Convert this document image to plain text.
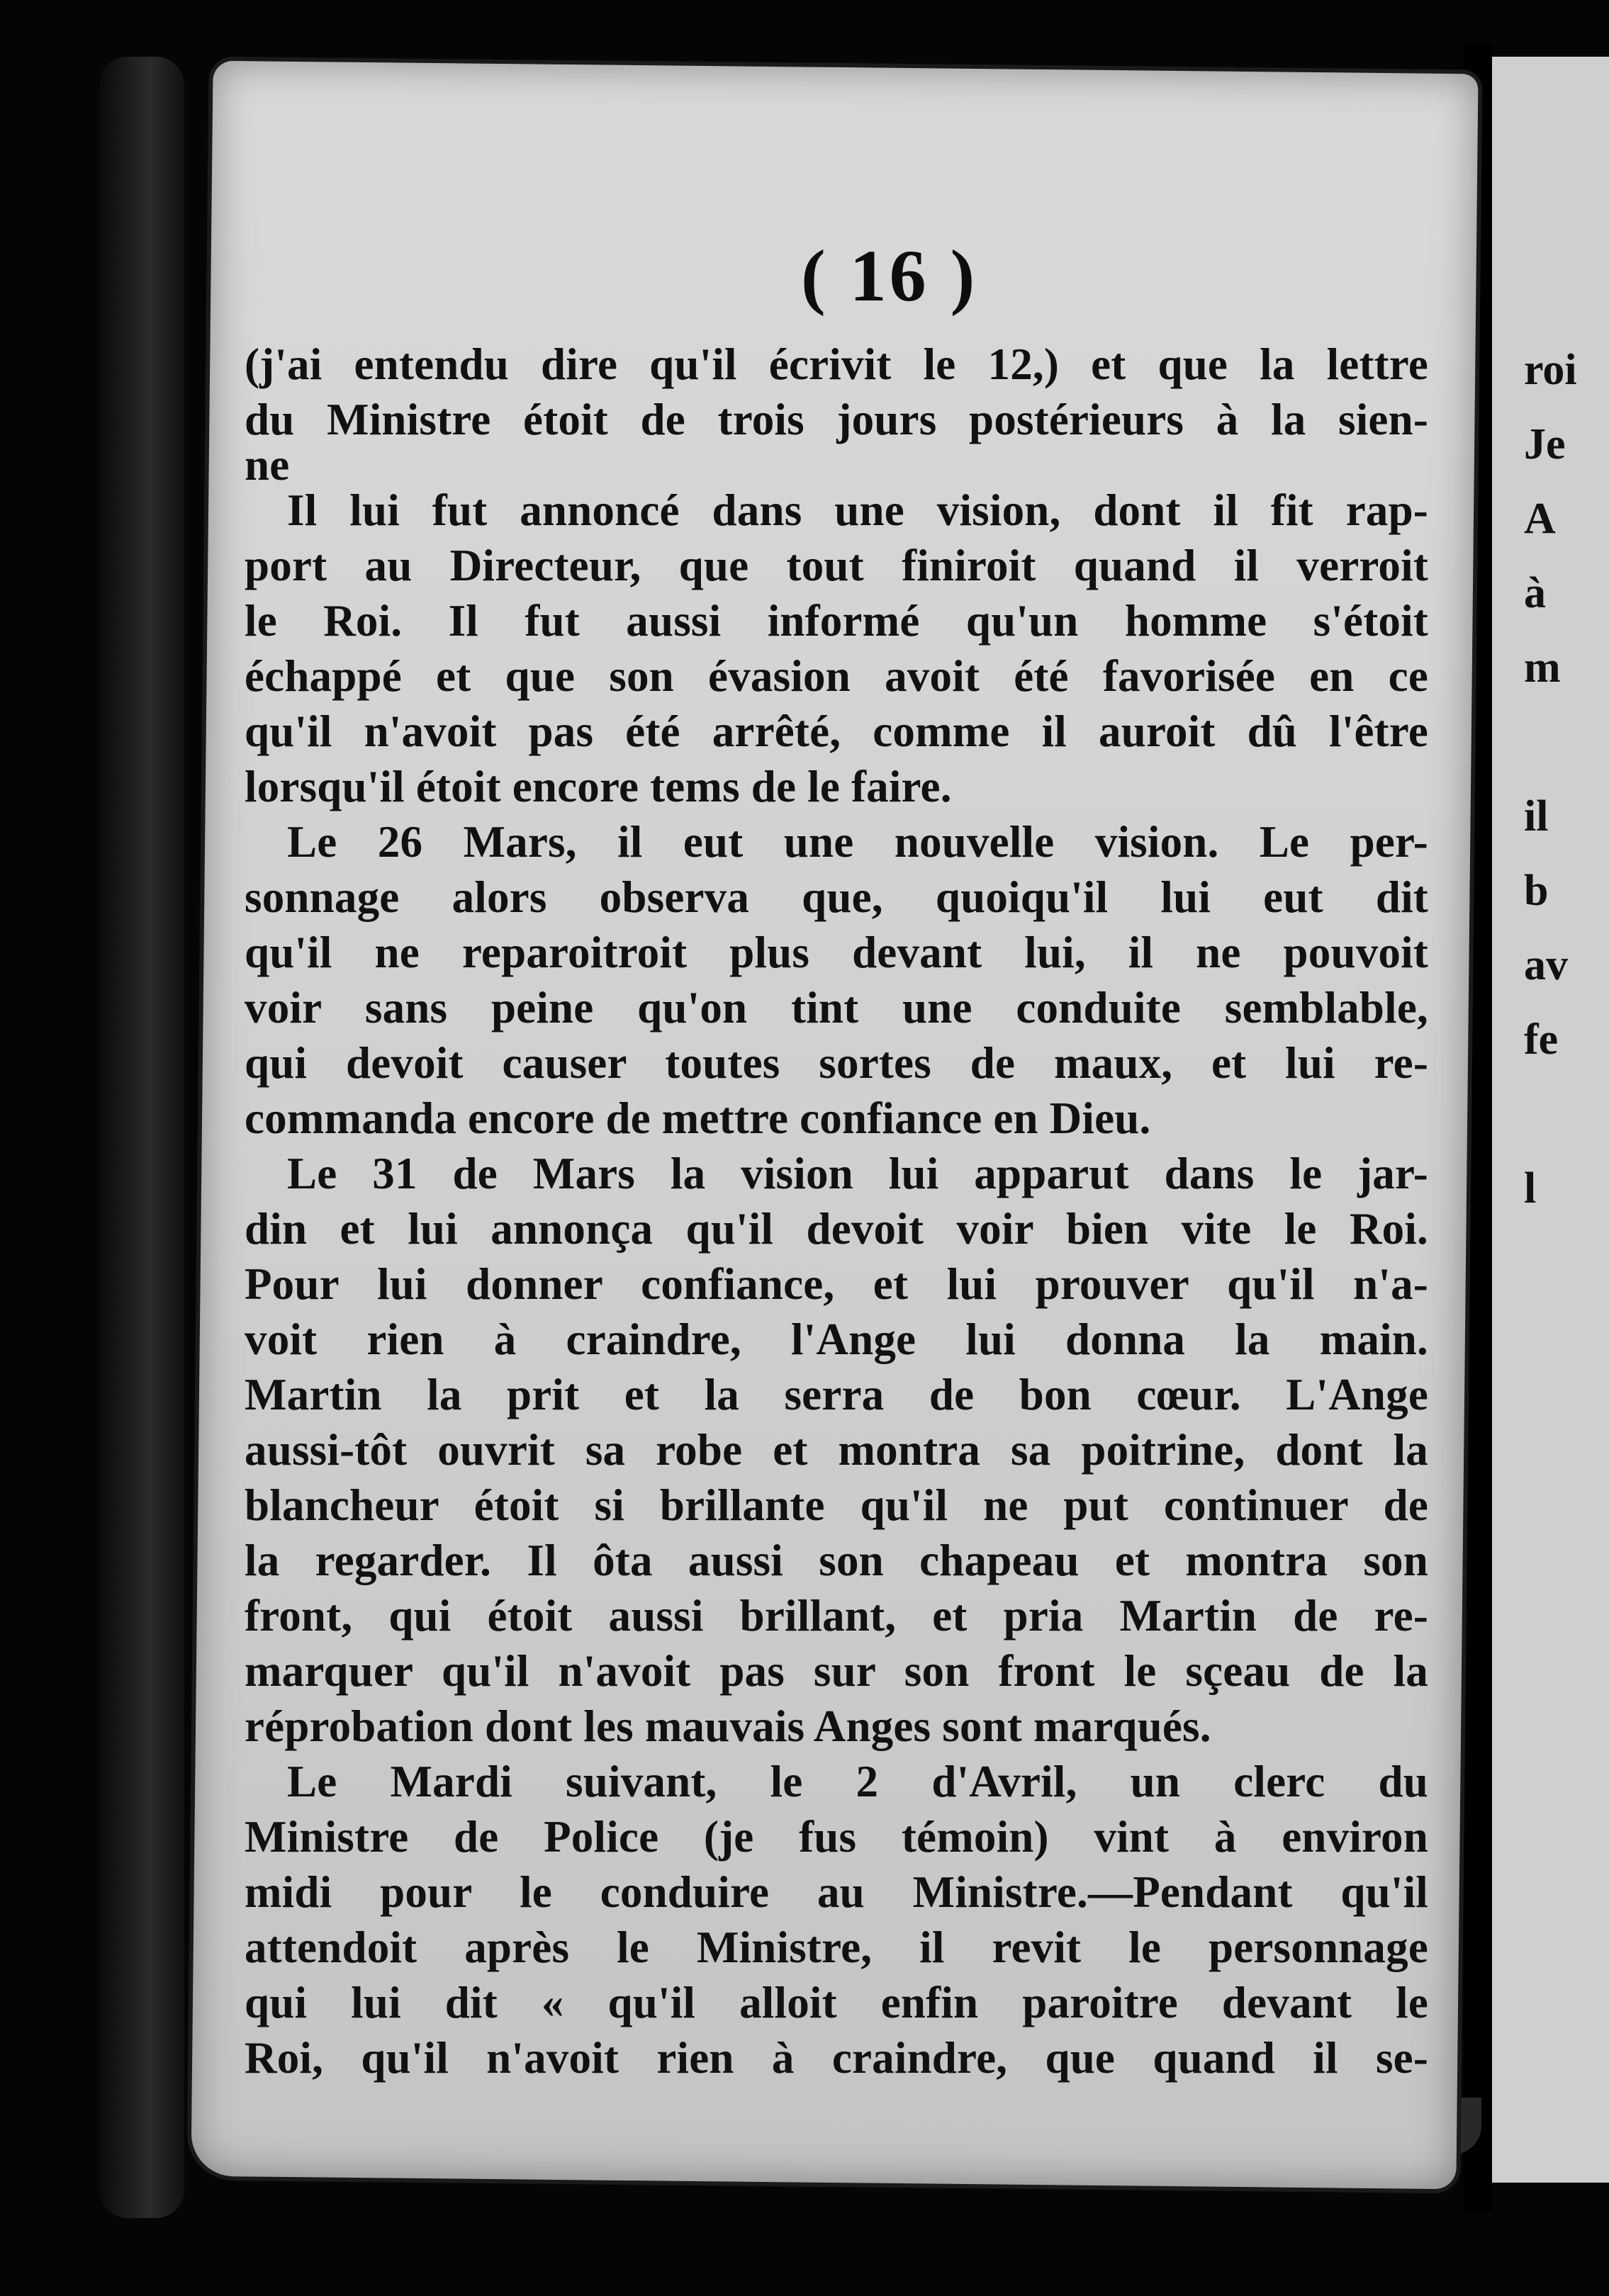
roi
Je
A
à
m

il
b
av
fe

l

( 16 )
(j'ai entendu dire qu'il écrivit le 12,) et que la lettre
du Ministre étoit de trois jours postérieurs à la sien-
ne
Il lui fut annoncé dans une vision, dont il fit rap-
port au Directeur, que tout finiroit quand il verroit
le Roi. Il fut aussi informé qu'un homme s'étoit
échappé et que son évasion avoit été favorisée en ce
qu'il n'avoit pas été arrêté, comme il auroit dû l'être
lorsqu'il étoit encore tems de le faire.
Le 26 Mars, il eut une nouvelle vision. Le per-
sonnage alors observa que, quoiqu'il lui eut dit
qu'il ne reparoitroit plus devant lui, il ne pouvoit
voir sans peine qu'on tint une conduite semblable,
qui devoit causer toutes sortes de maux, et lui re-
commanda encore de mettre confiance en Dieu.
Le 31 de Mars la vision lui apparut dans le jar-
din et lui annonça qu'il devoit voir bien vite le Roi.
Pour lui donner confiance, et lui prouver qu'il n'a-
voit rien à craindre, l'Ange lui donna la main.
Martin la prit et la serra de bon cœur. L'Ange
aussi-tôt ouvrit sa robe et montra sa poitrine, dont la
blancheur étoit si brillante qu'il ne put continuer de
la regarder. Il ôta aussi son chapeau et montra son
front, qui étoit aussi brillant, et pria Martin de re-
marquer qu'il n'avoit pas sur son front le sçeau de la
réprobation dont les mauvais Anges sont marqués.
Le Mardi suivant, le 2 d'Avril, un clerc du
Ministre de Police (je fus témoin) vint à environ
midi pour le conduire au Ministre.—Pendant qu'il
attendoit après le Ministre, il revit le personnage
qui lui dit « qu'il alloit enfin paroitre devant le
Roi, qu'il n'avoit rien à craindre, que quand il se-
